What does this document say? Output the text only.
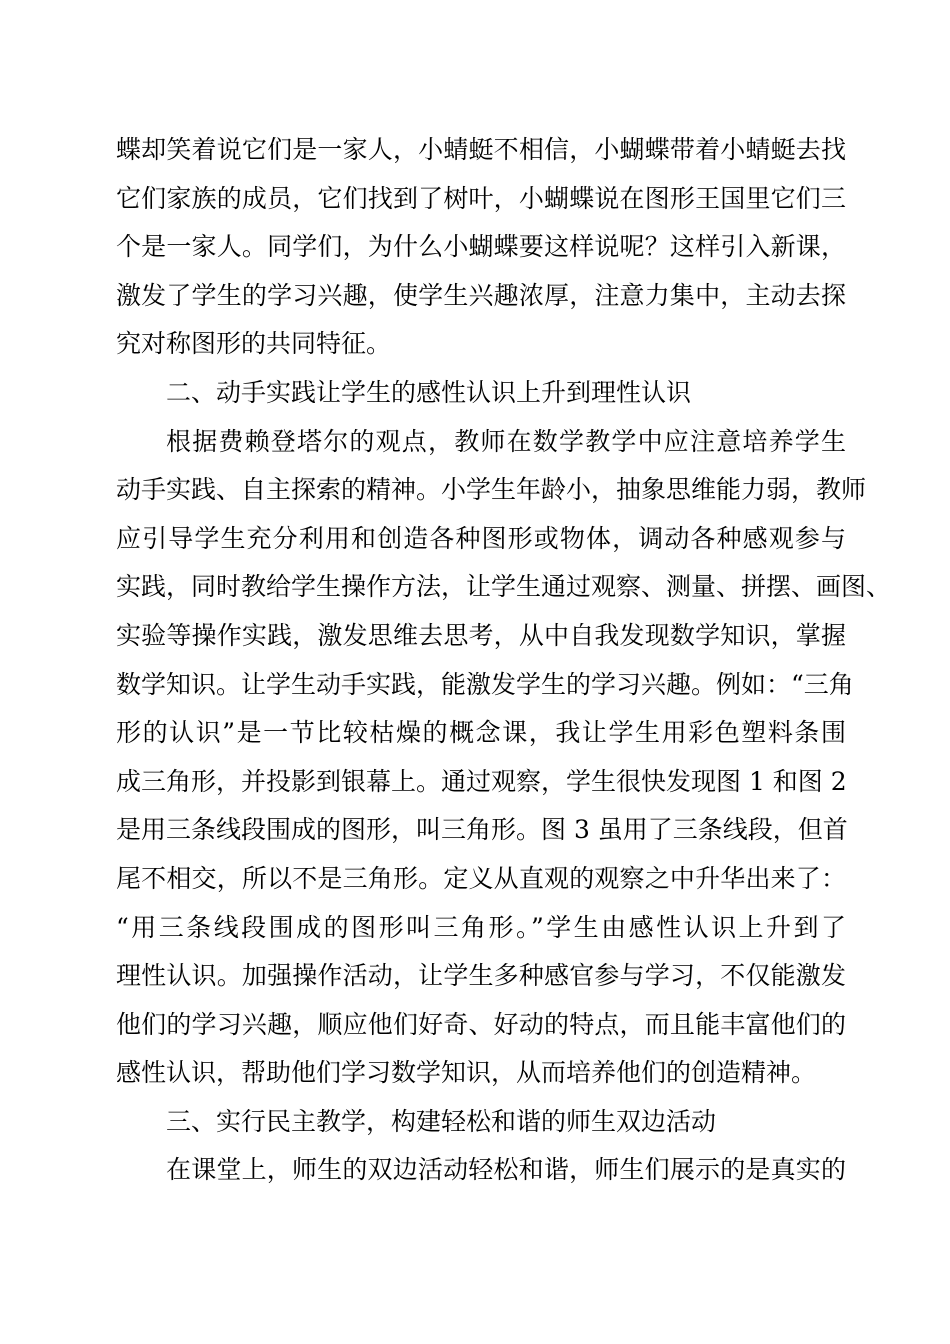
蝶却笑着说它们是一家人，小蜻蜓不相信，小蝴蝶带着小蜻蜓去找
它们家族的成员，它们找到了树叶，小蝴蝶说在图形王国里它们三
个是一家人。同学们，为什么小蝴蝶要这样说呢？这样引入新课，
激发了学生的学习兴趣，使学生兴趣浓厚，注意力集中，主动去探
究对称图形的共同特征。
二、动手实践让学生的感性认识上升到理性认识
根据费赖登塔尔的观点，教师在数学教学中应注意培养学生
动手实践、自主探索的精神。小学生年龄小，抽象思维能力弱，教师
应引导学生充分利用和创造各种图形或物体，调动各种感观参与
实践，同时教给学生操作方法，让学生通过观察、测量、拼摆、画图、
实验等操作实践，激发思维去思考，从中自我发现数学知识，掌握
数学知识。让学生动手实践，能激发学生的学习兴趣。例如：“三角
形的认识”是一节比较枯燥的概念课，我让学生用彩色塑料条围
成三角形，并投影到银幕上。通过观察，学生很快发现图 1 和图 2
是用三条线段围成的图形，叫三角形。图 3 虽用了三条线段，但首
尾不相交，所以不是三角形。定义从直观的观察之中升华出来了：
“用三条线段围成的图形叫三角形。”学生由感性认识上升到了
理性认识。加强操作活动，让学生多种感官参与学习，不仅能激发
他们的学习兴趣，顺应他们好奇、好动的特点，而且能丰富他们的
感性认识，帮助他们学习数学知识，从而培养他们的创造精神。
三、实行民主教学，构建轻松和谐的师生双边活动
在课堂上，师生的双边活动轻松和谐，师生们展示的是真实的
